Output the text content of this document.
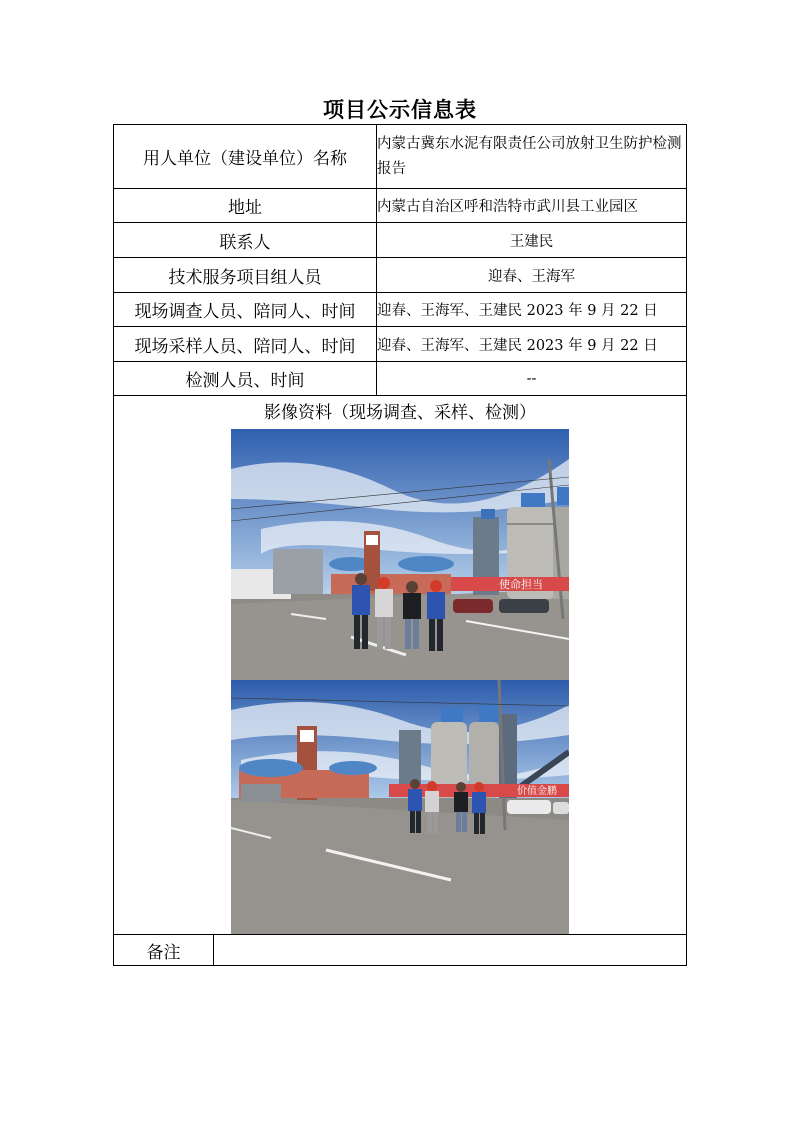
项目公示信息表
用人单位（建设单位）名称		内蒙古冀东水泥有限责任公司放射卫生防护检测报告
地址		内蒙古自治区呼和浩特市武川县工业园区
联系人		王建民
技术服务项目组人员		迎春、王海军
现场调查人员、陪同人、时间		迎春、王海军、王建民 2023 年 9 月 22 日
现场采样人员、陪同人、时间		迎春、王海军、王建民 2023 年 9 月 22 日
检测人员、时间		--

影像资料（现场调查、采样、检测）
使命担当
价值金鹏		

备注		
